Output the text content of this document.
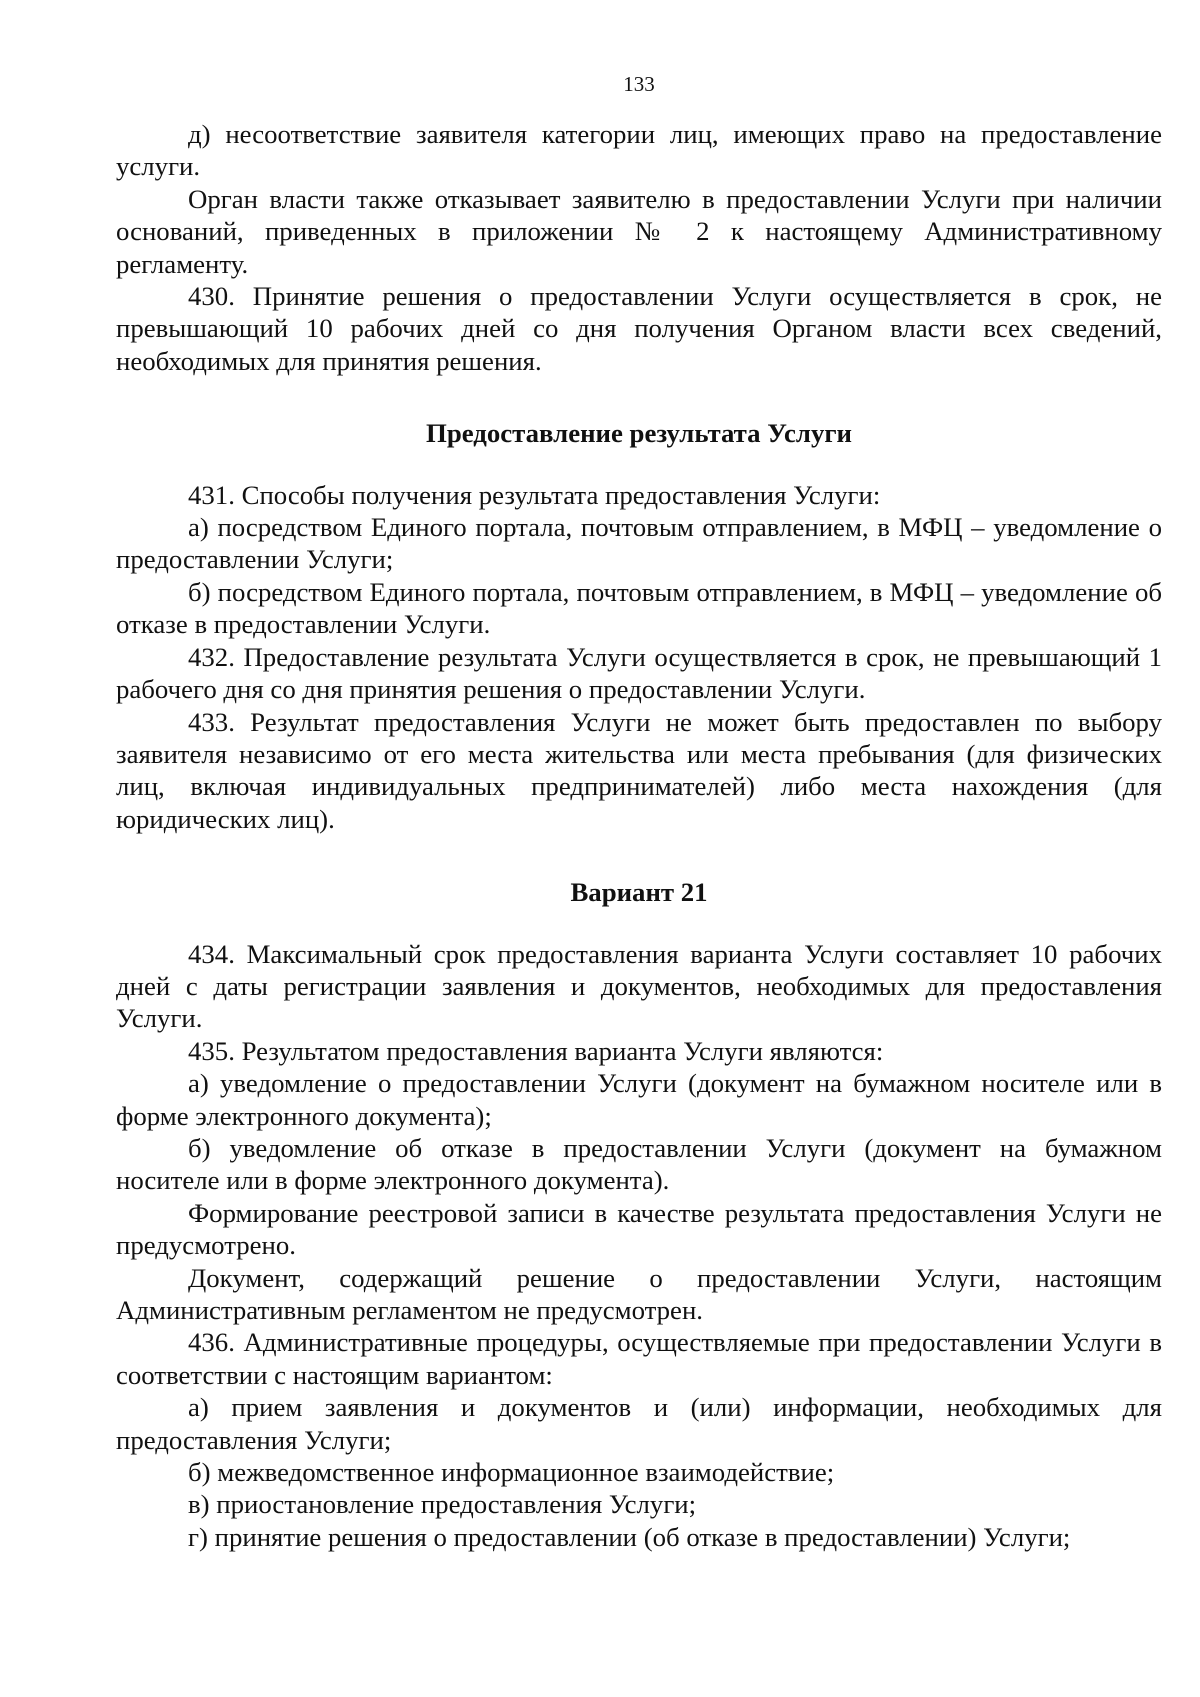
133

д) несоответствие заявителя категории лиц, имеющих право на предоставление услуги.

Орган власти также отказывает заявителю в предоставлении Услуги при наличии оснований, приведенных в приложении № 2 к настоящему Административному регламенту.

430. Принятие решения о предоставлении Услуги осуществляется в срок, не превышающий 10 рабочих дней со дня получения Органом власти всех сведений, необходимых для принятия решения.

Предоставление результата Услуги

431. Способы получения результата предоставления Услуги:

а) посредством Единого портала, почтовым отправлением, в МФЦ – уведомление о предоставлении Услуги;

б) посредством Единого портала, почтовым отправлением, в МФЦ – уведомление об отказе в предоставлении Услуги.

432. Предоставление результата Услуги осуществляется в срок, не превышающий 1 рабочего дня со дня принятия решения о предоставлении Услуги.

433. Результат предоставления Услуги не может быть предоставлен по выбору заявителя независимо от его места жительства или места пребывания (для физических лиц, включая индивидуальных предпринимателей) либо места нахождения (для юридических лиц).

Вариант 21

434. Максимальный срок предоставления варианта Услуги составляет 10 рабочих дней с даты регистрации заявления и документов, необходимых для предоставления Услуги.

435. Результатом предоставления варианта Услуги являются:

а) уведомление о предоставлении Услуги (документ на бумажном носителе или в форме электронного документа);

б) уведомление об отказе в предоставлении Услуги (документ на бумажном носителе или в форме электронного документа).

Формирование реестровой записи в качестве результата предоставления Услуги не предусмотрено.

Документ, содержащий решение о предоставлении Услуги, настоящим Административным регламентом не предусмотрен.

436. Административные процедуры, осуществляемые при предоставлении Услуги в соответствии с настоящим вариантом:

а) прием заявления и документов и (или) информации, необходимых для предоставления Услуги;

б) межведомственное информационное взаимодействие;

в) приостановление предоставления Услуги;

г) принятие решения о предоставлении (об отказе в предоставлении) Услуги;
